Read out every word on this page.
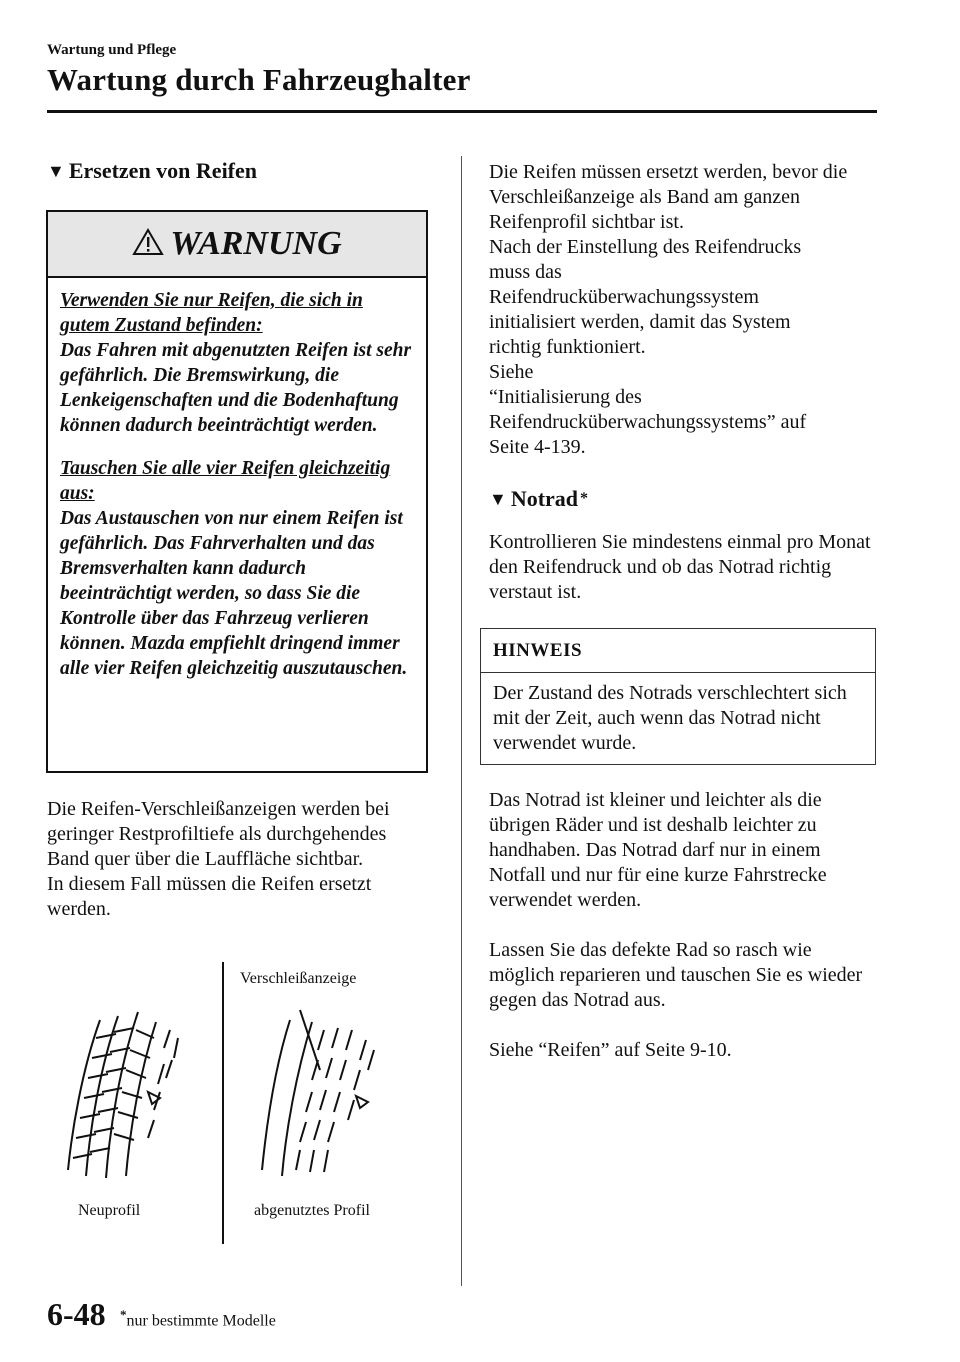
Wartung und Pflege
Wartung durch Fahrzeughalter
▼ Ersetzen von Reifen
WARNUNG

Verwenden Sie nur Reifen, die sich in gutem Zustand befinden:
Das Fahren mit abgenutzten Reifen ist sehr gefährlich. Die Bremswirkung, die Lenkeigenschaften und die Bodenhaftung können dadurch beeinträchtigt werden.

Tauschen Sie alle vier Reifen gleichzeitig aus:
Das Austauschen von nur einem Reifen ist gefährlich. Das Fahrverhalten und das Bremsverhalten kann dadurch beeinträchtigt werden, so dass Sie die Kontrolle über das Fahrzeug verlieren können. Mazda empfiehlt dringend immer alle vier Reifen gleichzeitig auszutauschen.

Die Reifen-Verschleißanzeigen werden bei geringer Restprofiltiefe als durchgehendes Band quer über die Lauffläche sichtbar.
In diesem Fall müssen die Reifen ersetzt werden.
Verschleißanzeige
Neuprofil	abgenutztes Profil
Die Reifen müssen ersetzt werden, bevor die Verschleißanzeige als Band am ganzen Reifenprofil sichtbar ist.
Nach der Einstellung des Reifendrucks
muss das
Reifendrucküberwachungssystem
initialisiert werden, damit das System
richtig funktioniert.
Siehe
“Initialisierung des
Reifendrucküberwachungssystems” auf
Seite 4-139.
▼ Notrad *
Kontrollieren Sie mindestens einmal pro Monat den Reifendruck und ob das Notrad richtig verstaut ist.
HINWEIS
Der Zustand des Notrads verschlechtert sich mit der Zeit, auch wenn das Notrad nicht verwendet wurde.

Das Notrad ist kleiner und leichter als die übrigen Räder und ist deshalb leichter zu handhaben. Das Notrad darf nur in einem Notfall und nur für eine kurze Fahrstrecke verwendet werden.

Lassen Sie das defekte Rad so rasch wie möglich reparieren und tauschen Sie es wieder gegen das Notrad aus.

Siehe “Reifen” auf Seite 9-10.

6-48 *nur bestimmte Modelle
